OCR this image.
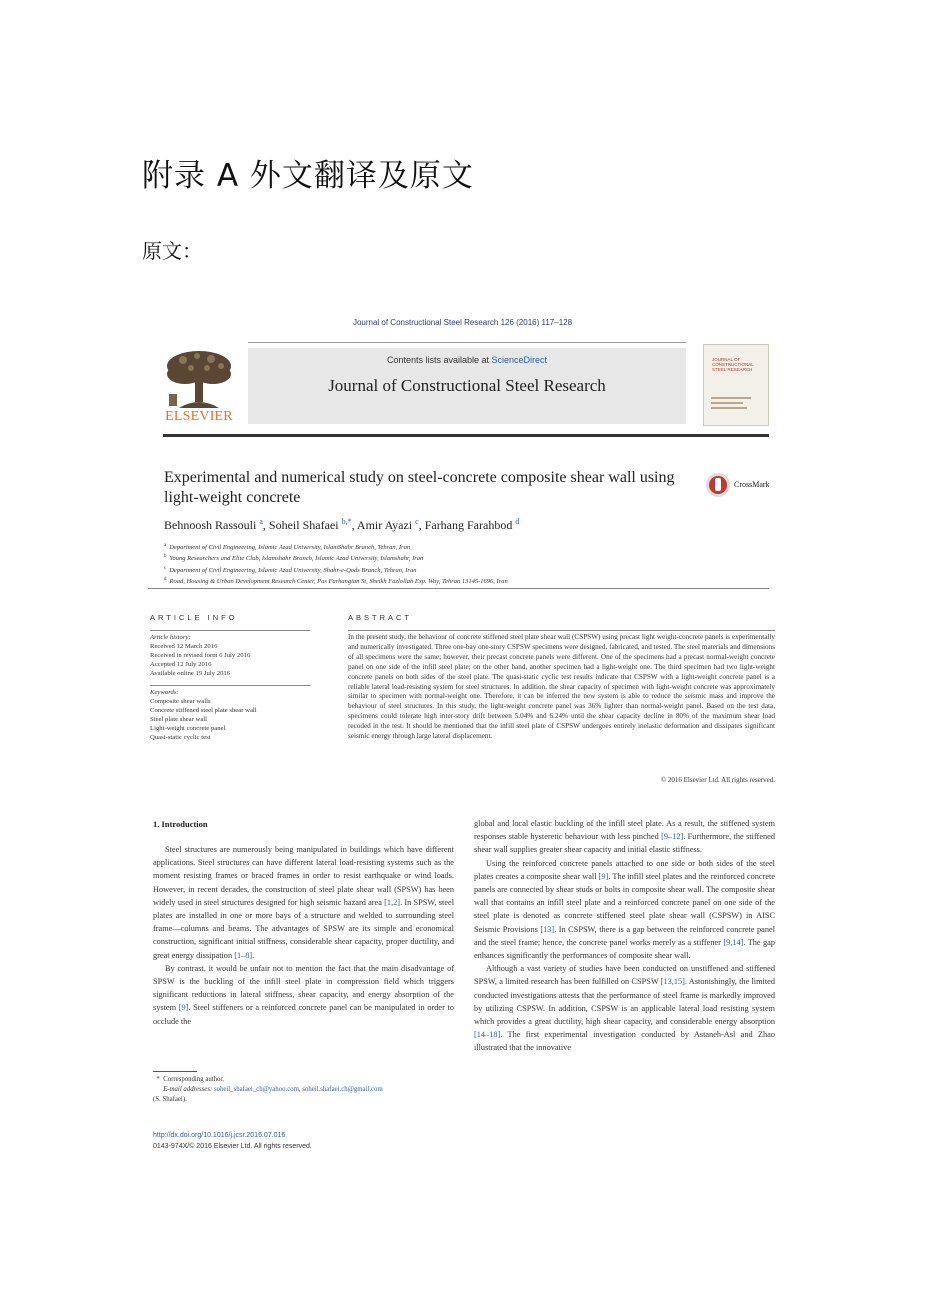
附录 A 外文翻译及原文
原文：
Journal of Constructional Steel Research 126 (2016) 117–128
ELSEVIER
Contents lists available at ScienceDirect
Journal of Constructional Steel Research
JOURNAL OF
CONSTRUCTIONAL
STEEL RESEARCH
Experimental and numerical study on steel-concrete composite shear wall using light-weight concrete
CrossMark
Behnoosh Rassouli $^a$, Soheil Shafaei $^{b,*}$, Amir Ayazi $^c$, Farhang Farahbod $^d$
$^a$ Department of Civil Engineering, Islamic Azad University, IslamShahr Branch, Tehran, Iran
$^b$ Young Researchers and Elite Club, Islamshahr Branch, Islamic Azad University, Islamshahr, Iran
$^c$ Department of Civil Engineering, Islamic Azad University, Shahr-e-Qods Branch, Tehran, Iran
$^d$ Road, Housing & Urban Development Research Center, Pas Farhangian St, Sheikh Fazlollah Exp. Way, Tehran 13145-1696, Iran
ARTICLE INFO	ABSTRACT
Article history:
Received 12 March 2016
Received in revised form 6 July 2016
Accepted 12 July 2016
Available online 19 July 2016
Keywords:
Composite shear walls
Concrete stiffened steel plate shear wall
Steel plate shear wall
Light-weight concrete panel
Quasi-static cyclic test
In the present study, the behaviour of concrete stiffened steel plate shear wall (CSPSW) using precast light weight-concrete panels is experimentally and numerically investigated. Three one-bay one-story CSPSW specimens were designed, fabricated, and tested. The steel materials and dimensions of all specimens were the same; however, their precast concrete panels were different. One of the specimens had a precast normal-weight concrete panel on one side of the infill steel plate; on the other hand, another specimen had a light-weight one. The third specimen had two light-weight concrete panels on both sides of the steel plate. The quasi-static cyclic test results indicate that CSPSW with a light-weight concrete panel is a reliable lateral load-resisting system for steel structures. In addition, the shear capacity of specimen with light-weight concrete was approximately similar to specimen with normal-weight one. Therefore, it can be inferred the new system is able to reduce the seismic mass and improve the behaviour of steel structures. In this study, the light-weight concrete panel was 36% lighter than normal-weight panel. Based on the test data, specimens could tolerate high inter-story drift between 5.04% and 6.24% until the shear capacity decline in 80% of the maximum shear load recoded in the test. It should be mentioned that the infill steel plate of CSPSW undergoes entirely inelastic deformation and dissipates significant seismic energy through large lateral displacement.
© 2016 Elsevier Ltd. All rights reserved.
1. Introduction

Steel structures are numerously being manipulated in buildings which have different applications. Steel structures can have different lateral load-resisting systems such as the moment resisting frames or braced frames in order to resist earthquake or wind loads. However, in recent decades, the construction of steel plate shear wall (SPSW) has been widely used in steel structures designed for high seismic hazard area [1,2]. In SPSW, steel plates are installed in one or more bays of a structure and welded to surrounding steel frame—columns and beams. The advantages of SPSW are its simple and economical construction, significant initial stiffness, considerable shear capacity, proper ductility, and great energy dissipation [1–8].

By contrast, it would be unfair not to mention the fact that the main disadvantage of SPSW is the buckling of the infill steel plate in compression field which triggers significant reductions in lateral stiffness, shear capacity, and energy absorption of the system [9]. Steel stiffeners or a reinforced concrete panel can be manipulated in order to occlude the

global and local elastic buckling of the infill steel plate. As a result, the stiffened system responses stable hysteretic behaviour with less pinched [9–12]. Furthermore, the stiffened shear wall supplies greater shear capacity and initial elastic stiffness.

Using the reinforced concrete panels attached to one side or both sides of the steel plates creates a composite shear wall [9]. The infill steel plates and the reinforced concrete panels are connected by shear studs or bolts in composite shear wall. The composite shear wall that contains an infill steel plate and a reinforced concrete panel on one side of the steel plate is denoted as concrete stiffened steel plate shear wall (CSPSW) in AISC Seismic Provisions [13]. In CSPSW, there is a gap between the reinforced concrete panel and the steel frame; hence, the concrete panel works merely as a stiffener [9,14]. The gap enhances significantly the performances of composite shear wall.

Although a vast variety of studies have been conducted on unstiffened and stiffened SPSW, a limited research has been fulfilled on CSPSW [13,15]. Astonishingly, the limited conducted investigations attests that the performance of steel frame is markedly improved by utilizing CSPSW. In addition, CSPSW is an applicable lateral load resisting system which provides a great ductility, high shear capacity, and considerable energy absorption [14–18]. The first experimental investigation conducted by Astaneh-Asl and Zhao illustrated that the innovative

* Corresponding author.
E-mail addresses: soheil_shafaei_ch@yahoo.com, soheil.shafaei.ch@gmail.com
(S. Shafaei).
http://dx.doi.org/10.1016/j.jcsr.2016.07.016
0143-974X/© 2016 Elsevier Ltd. All rights reserved.
